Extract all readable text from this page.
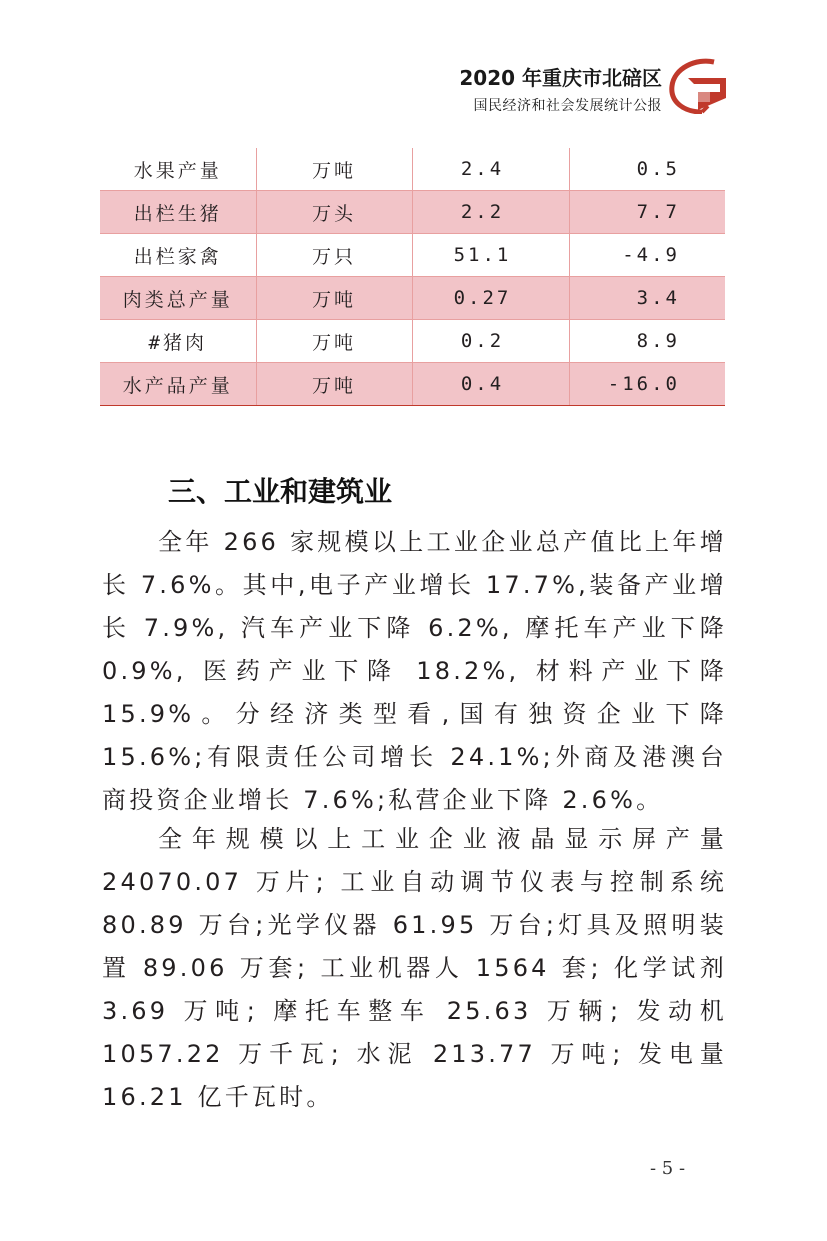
2020 年重庆市北碚区
国民经济和社会发展统计公报
水果产量	万吨	2.4	0.5
出栏生猪	万头	2.2	7.7
出栏家禽	万只	51.1	-4.9
肉类总产量	万吨	0.27	3.4
#猪肉	万吨	0.2	8.9
水产品产量	万吨	0.4	-16.0
三、工业和建筑业

全年 266 家规模以上工业企业总产值比上年增长 7.6%。其中,电子产业增长 17.7%,装备产业增长 7.9%, 汽车产业下降 6.2%, 摩托车产业下降0.9%, 医药产业下降 18.2%, 材料产业下降15.9%。分经济类型看,国有独资企业下降 15.6%;有限责任公司增长 24.1%;外商及港澳台商投资企业增长 7.6%;私营企业下降 2.6%。

全年规模以上工业企业液晶显示屏产量24070.07 万片; 工业自动调节仪表与控制系统80.89 万台;光学仪器 61.95 万台;灯具及照明装置 89.06 万套; 工业机器人 1564 套; 化学试剂3.69 万吨; 摩托车整车 25.63 万辆; 发动机1057.22 万千瓦; 水泥 213.77 万吨; 发电量16.21 亿千瓦时。

- 5 -
